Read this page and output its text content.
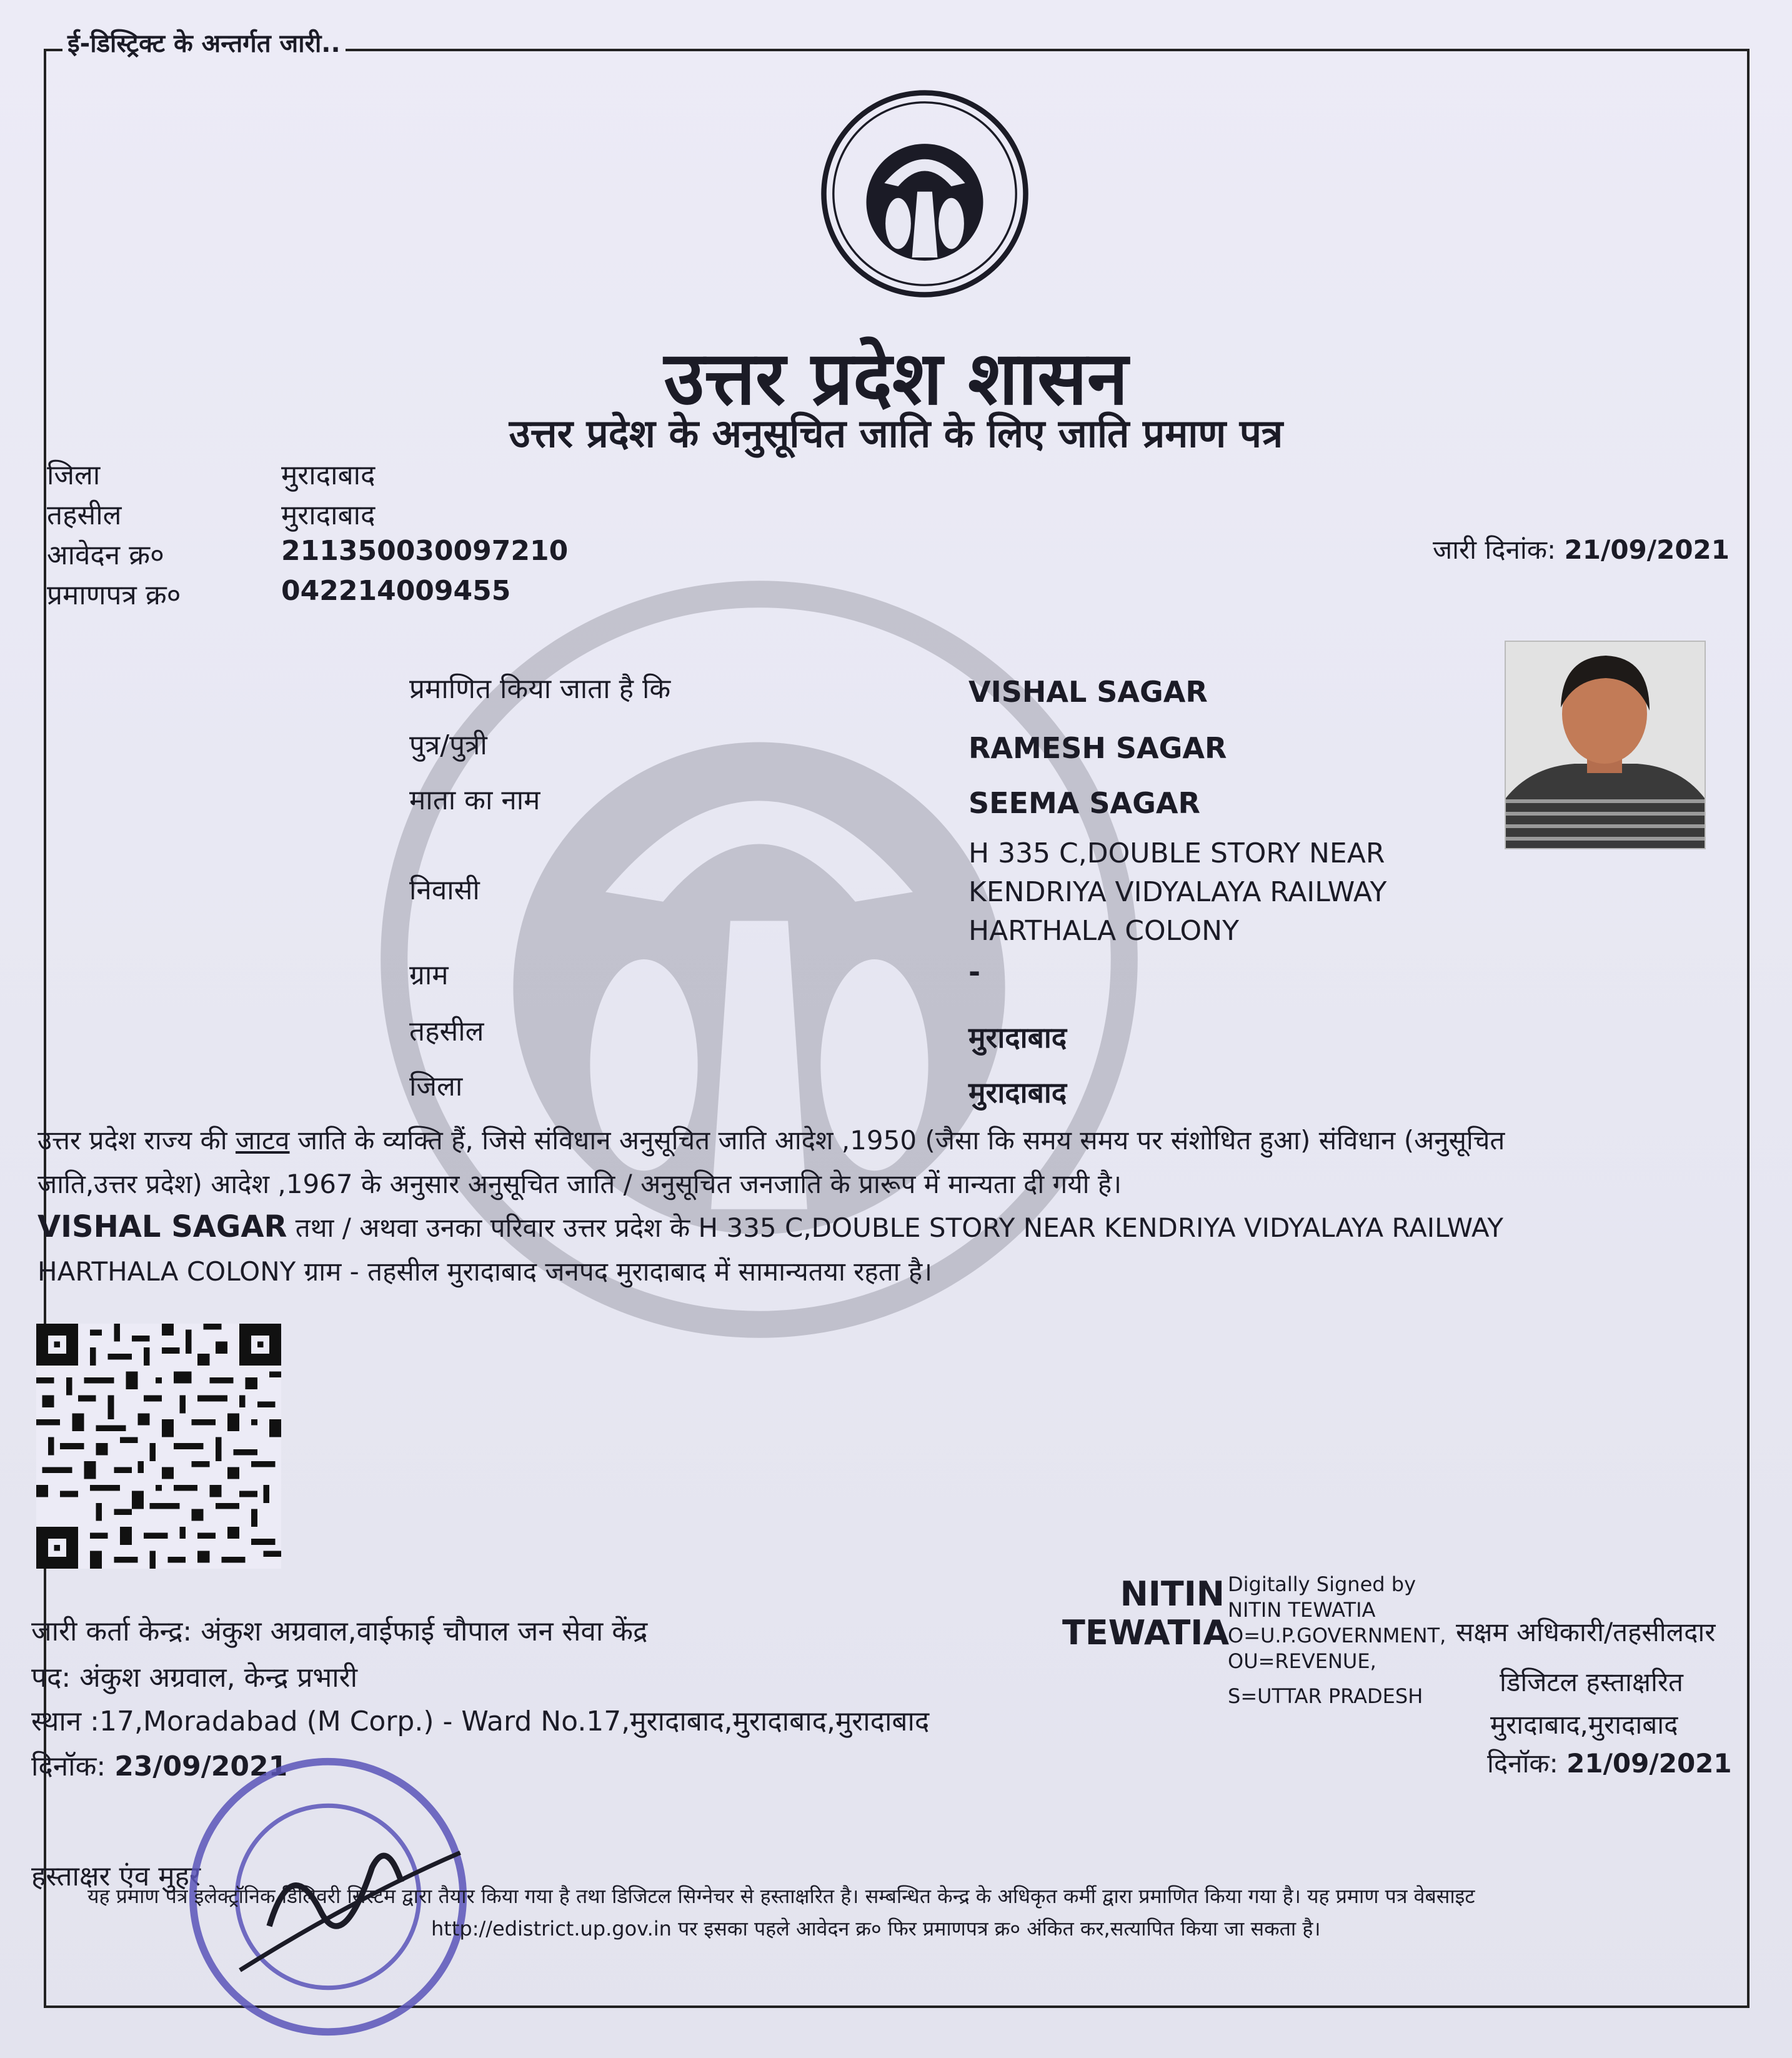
ई-डिस्ट्रिक्ट के अन्तर्गत जारी..
उत्तर प्रदेश शासन
उत्तर प्रदेश के अनुसूचित जाति के लिए जाति प्रमाण पत्र
जिला	मुरादाबाद
तहसील	मुरादाबाद
आवेदन क्र०	211350030097210
प्रमाणपत्र क्र०	042214009455
जारी दिनांक: 21/09/2021
प्रमाणित किया जाता है कि	VISHAL SAGAR
पुत्र/पुत्री	RAMESH SAGAR
माता का नाम	SEEMA SAGAR
निवासी
H 335 C,DOUBLE STORY NEAR
KENDRIYA VIDYALAYA RAILWAY
HARTHALA COLONY
ग्राम	-
तहसील	मुरादाबाद
जिला	मुरादाबाद
उत्तर प्रदेश राज्य की जाटव जाति के व्यक्ति हैं, जिसे संविधान अनुसूचित जाति आदेश ,1950 (जैसा कि समय समय पर संशोधित हुआ) संविधान (अनुसूचित
जाति,उत्तर प्रदेश) आदेश ,1967 के अनुसार अनुसूचित जाति / अनुसूचित जनजाति के प्रारूप में मान्यता दी गयी है।
VISHAL SAGAR तथा / अथवा उनका परिवार उत्तर प्रदेश के H 335 C,DOUBLE STORY NEAR KENDRIYA VIDYALAYA RAILWAY
HARTHALA COLONY ग्राम - तहसील मुरादाबाद जनपद मुरादाबाद में सामान्यतया रहता है।
जारी कर्ता केन्द्र: अंकुश अग्रवाल,वाईफाई चौपाल जन सेवा केंद्र
पद: अंकुश अग्रवाल, केन्द्र प्रभारी
स्थान :17,Moradabad (M Corp.) - Ward No.17,मुरादाबाद,मुरादाबाद,मुरादाबाद
दिनॉक: 23/09/2021
हस्ताक्षर एंव मुहर
NITIN
TEWATIA
Digitally Signed by
NITIN TEWATIA
O=U.P.GOVERNMENT,
OU=REVENUE,
S=UTTAR PRADESH
सक्षम अधिकारी/तहसीलदार
डिजिटल हस्ताक्षरित
मुरादाबाद,मुरादाबाद
दिनॉक: 21/09/2021
यह प्रमाण पत्र इलेक्ट्रॉनिक डिलिवरी सिस्टम द्वारा तैयार किया गया है तथा डिजिटल सिग्नेचर से हस्ताक्षरित है। सम्बन्धित केन्द्र के अधिकृत कर्मी द्वारा प्रमाणित किया गया है। यह प्रमाण पत्र वेबसाइट
http://edistrict.up.gov.in पर इसका पहले आवेदन क्र० फिर प्रमाणपत्र क्र० अंकित कर,सत्यापित किया जा सकता है।
